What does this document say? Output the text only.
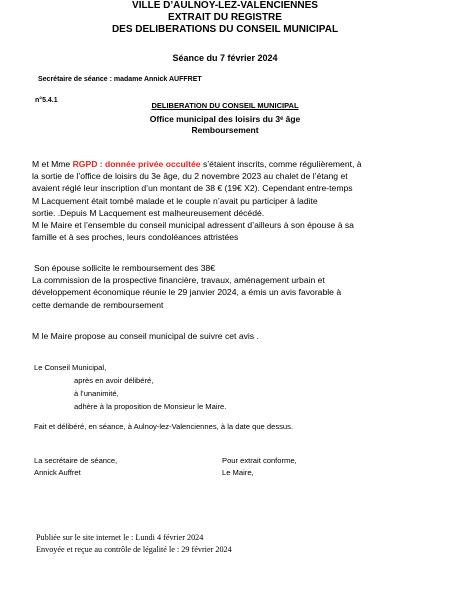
VILLE D’AULNOY-LEZ-VALENCIENNES
EXTRAIT DU REGISTRE
DES DELIBERATIONS DU CONSEIL MUNICIPAL
Séance du 7 février 2024
Secrétaire de séance : madame Annick AUFFRET
n°5.4.1
DELIBERATION DU CONSEIL MUNICIPAL
Office municipal des loisirs du 3ᵉ âge
Remboursement
M et Mme RGPD : donnée privée occultée s’étaient inscrits, comme régulièrement, à
la sortie de l’office de loisirs du 3e âge, du 2 novembre 2023 au chalet de l’étang et
avaient réglé leur inscription d’un montant de 38 € (19€ X2). Cependant entre-temps
M Lacquement était tombé malade et le couple n’avait pu participer à ladite
sortie. .Depuis M Lacquement est malheureusement décédé.
M le Maire et l’ensemble du conseil municipal adressent d’ailleurs à son épouse à sa
famille et à ses proches, leurs condoléances attristées
Son épouse sollicite le remboursement des 38€
La commission de la prospective financière, travaux, aménagement urbain et
développement économique réunie le 29 janvier 2024, a émis un avis favorable à
cette demande de remboursement
M le Maire propose au conseil municipal de suivre cet avis .
Le Conseil Municipal,
après en avoir délibéré,
à l’unanimité,
adhère à la proposition de Monsieur le Maire.
Fait et délibéré, en séance, à Aulnoy-lez-Valenciennes, à la date que dessus.
La secrétaire de séance,
Annick Auffret
Pour extrait conforme,
Le Maire,
Publiée sur le site internet le : Lundi 4 février 2024
Envoyée et reçue au contrôle de légalité le : 29 février 2024
